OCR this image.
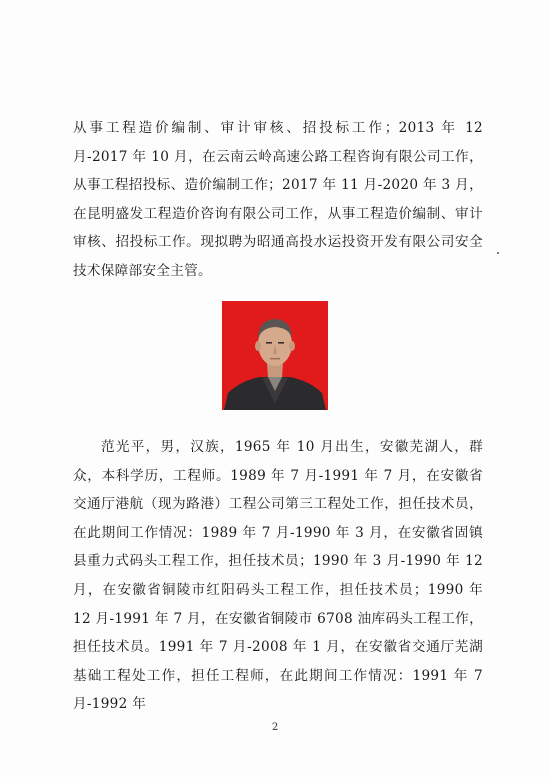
从事工程造价编制、审计审核、招投标工作；2013 年 12 月-2017 年 10 月，在云南云岭高速公路工程咨询有限公司工作，从事工程招投标、造价编制工作；2017 年 11 月-2020 年 3 月，在昆明盛发工程造价咨询有限公司工作，从事工程造价编制、审计审核、招投标工作。现拟聘为昭通高投水运投资开发有限公司安全技术保障部安全主管。

范光平，男，汉族，1965 年 10 月出生，安徽芜湖人，群众，本科学历，工程师。1989 年 7 月-1991 年 7 月，在安徽省交通厅港航（现为路港）工程公司第三工程处工作，担任技术员，在此期间工作情况：1989 年 7 月-1990 年 3 月，在安徽省固镇县重力式码头工程工作，担任技术员；1990 年 3 月-1990 年 12 月，在安徽省铜陵市红阳码头工程工作，担任技术员；1990 年 12 月-1991 年 7 月，在安徽省铜陵市 6708 油库码头工程工作，担任技术员。1991 年 7 月-2008 年 1 月，在安徽省交通厅芜湖基础工程处工作，担任工程师，在此期间工作情况：1991 年 7 月-1992 年

2
